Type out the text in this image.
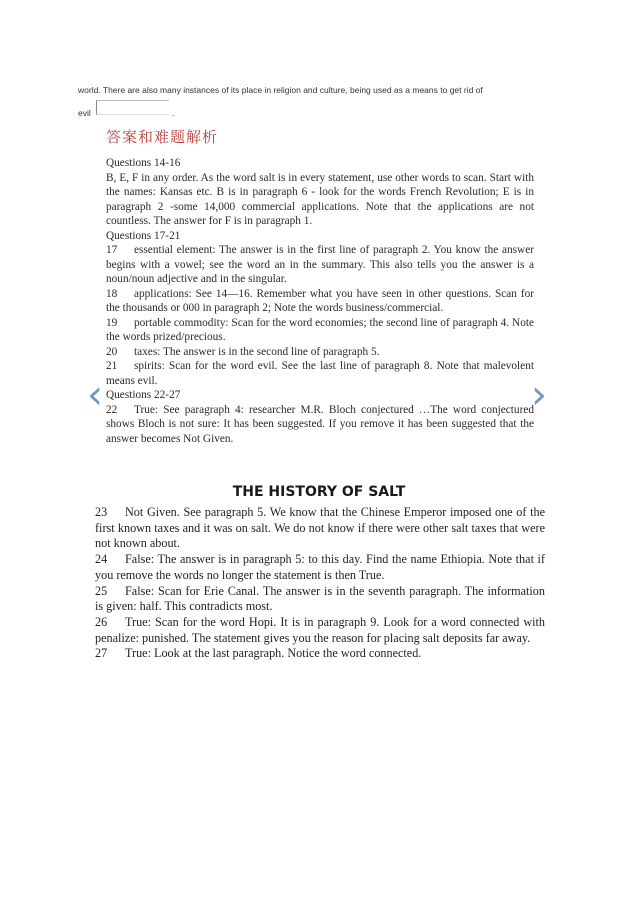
world. There are also many instances of its place in religion and culture, being used as a means to get rid of
evil	.
答案和难题解析

Questions 14-16

B, E, F in any order. As the word salt is in every statement, use other words to scan. Start with the names: Kansas etc. B is in paragraph 6 - look for the words French Revolution; E is in paragraph 2 -some 14,000 commercial applications. Note that the applications are not countless. The answer for F is in paragraph 1.

Questions 17-21

17 essential element: The answer is in the first line of paragraph 2. You know the answer begins with a vowel; see the word an in the summary. This also tells you the answer is a noun/noun adjective and in the singular.

18 applications: See 14—16. Remember what you have seen in other questions. Scan for the thousands or 000 in paragraph 2; Note the words business/commercial.

19 portable commodity: Scan for the word economies; the second line of paragraph 4. Note the words prized/precious.

20 taxes: The answer is in the second line of paragraph 5.

21 spirits: Scan for the word evil. See the last line of paragraph 8. Note that malevolent means evil.

Questions 22-27

22 True: See paragraph 4: researcher M.R. Bloch conjectured …The word conjectured shows Bloch is not sure: It has been suggested. If you remove it has been suggested that the answer becomes Not Given.

‹	›
THE HISTORY OF SALT

23 Not Given. See paragraph 5. We know that the Chinese Emperor imposed one of the first known taxes and it was on salt. We do not know if there were other salt taxes that were not known about.

24 False: The answer is in paragraph 5: to this day. Find the name Ethiopia. Note that if you remove the words no longer the statement is then True.

25 False: Scan for Erie Canal. The answer is in the seventh paragraph. The information is given: half. This contradicts most.

26 True: Scan for the word Hopi. It is in paragraph 9. Look for a word connected with penalize: punished. The statement gives you the reason for placing salt deposits far away.

27 True: Look at the last paragraph. Notice the word connected.
